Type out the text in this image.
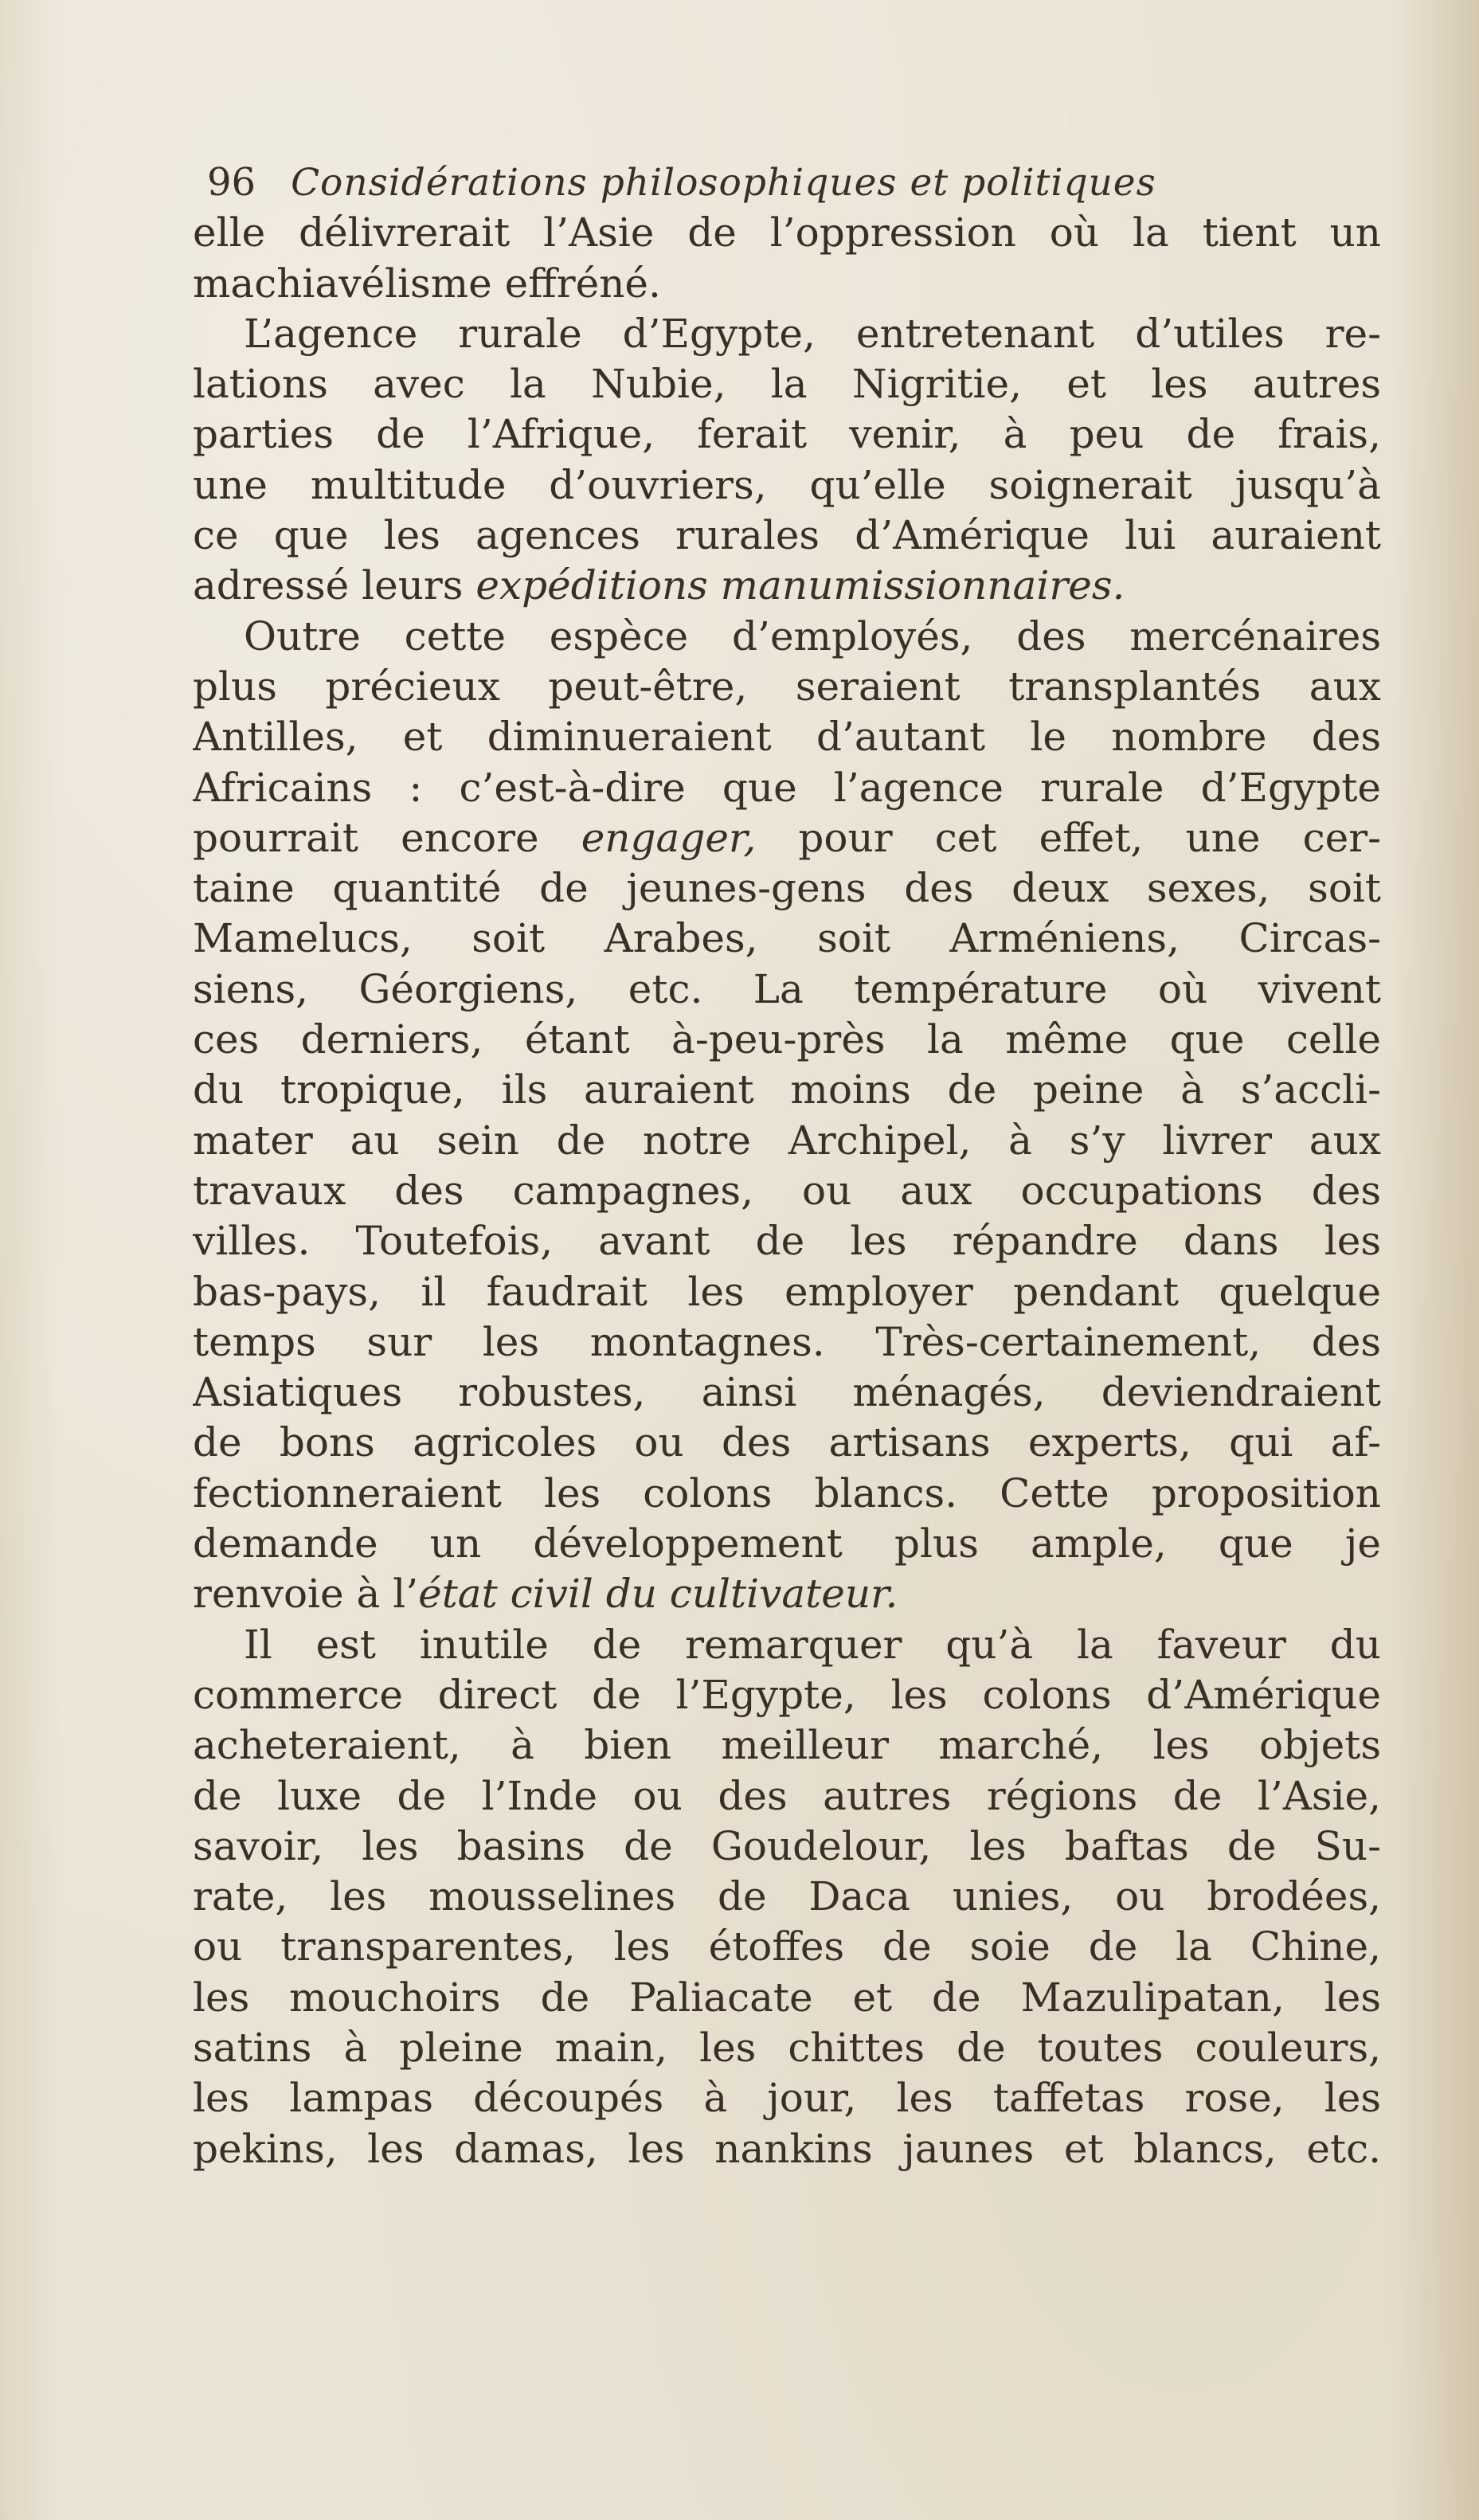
96 Considérations philosophiques et politiques
elle délivrerait l’Asie de l’oppression où la tient un
machiavélisme effréné.
L’agence rurale d’Egypte, entretenant d’utiles re-
lations avec la Nubie, la Nigritie, et les autres
parties de l’Afrique, ferait venir, à peu de frais,
une multitude d’ouvriers, qu’elle soignerait jusqu’à
ce que les agences rurales d’Amérique lui auraient
adressé leurs expéditions manumissionnaires.
Outre cette espèce d’employés, des mercénaires
plus précieux peut-être, seraient transplantés aux
Antilles, et diminueraient d’autant le nombre des
Africains : c’est-à-dire que l’agence rurale d’Egypte
pourrait encore engager, pour cet effet, une cer-
taine quantité de jeunes-gens des deux sexes, soit
Mamelucs, soit Arabes, soit Arméniens, Circas-
siens, Géorgiens, etc. La température où vivent
ces derniers, étant à-peu-près la même que celle
du tropique, ils auraient moins de peine à s’accli-
mater au sein de notre Archipel, à s’y livrer aux
travaux des campagnes, ou aux occupations des
villes. Toutefois, avant de les répandre dans les
bas-pays, il faudrait les employer pendant quelque
temps sur les montagnes. Très-certainement, des
Asiatiques robustes, ainsi ménagés, deviendraient
de bons agricoles ou des artisans experts, qui af-
fectionneraient les colons blancs. Cette proposition
demande un développement plus ample, que je
renvoie à l’état civil du cultivateur.
Il est inutile de remarquer qu’à la faveur du
commerce direct de l’Egypte, les colons d’Amérique
acheteraient, à bien meilleur marché, les objets
de luxe de l’Inde ou des autres régions de l’Asie,
savoir, les basins de Goudelour, les baftas de Su-
rate, les mousselines de Daca unies, ou brodées,
ou transparentes, les étoffes de soie de la Chine,
les mouchoirs de Paliacate et de Mazulipatan, les
satins à pleine main, les chittes de toutes couleurs,
les lampas découpés à jour, les taffetas rose, les
pekins, les damas, les nankins jaunes et blancs, etc.
